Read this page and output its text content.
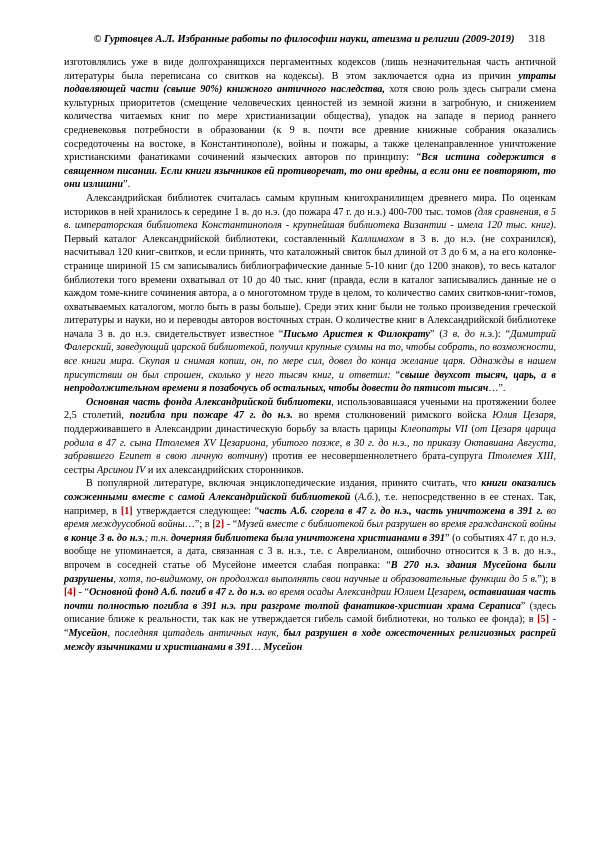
© Гуртовцев А.Л. Избранные работы по философии науки, атеизма и религии (2009-2019) 318

изготовлялись уже в виде долгохранящихся пергаментных кодексов (лишь незначительная часть античной литературы была переписана со свитков на кодексы). В этом заключается одна из причин утраты подавляющей части (свыше 90%) книжного античного наследства, хотя свою роль здесь сыграли смена культурных приоритетов (смещение человеческих ценностей из земной жизни в загробную, и снижением количества читаемых книг по мере христианизации общества), упадок на западе в период раннего средневековья потребности в образовании (к 9 в. почти все древние книжные собрания оказались сосредоточены на востоке, в Константинополе), войны и пожары, а также целенаправленное уничтожение христианскими фанатиками сочинений языческих авторов по принципу: “Вся истина содержится в священном писании. Если книги язычников ей противоречат, то они вредны, а если они ее повторяют, то они излишни”.

Александрийская библиотек считалась самым крупным книгохранилищем древнего мира. По оценкам историков в ней хранилось к середине 1 в. до н.э. (до пожара 47 г. до н.э.) 400-700 тыс. томов (для сравнения, в 5 в. императорская библиотека Константинополя - крупнейшая библиотека Византии - имела 120 тыс. книг). Первый каталог Александрийской библиотеки, составленный Каллимахом в 3 в. до н.э. (не сохранился), насчитывал 120 книг-свитков, и если принять, что каталожный свиток был длиной от 3 до 6 м, а на его колонке-странице шириной 15 см записывались библиографические данные 5-10 книг (до 1200 знаков), то весь каталог библиотеки того времени охватывал от 10 до 40 тыс. книг (правда, если в каталог записывались данные не о каждом томе-книге сочинения автора, а о многотомном труде в целом, то количество самих свитков-книг-томов, охватываемых каталогом, могло быть в разы больше). Среди этих книг были не только произведения греческой литературы и науки, но и переводы авторов восточных стран. О количестве книг в Александрийской библиотеке начала 3 в. до н.э. свидетельствует известное “Письмо Аристея к Филократу” (3 в. до н.э.): “Димитрий Фалерский, заведующий царской библиотекой, получил крупные суммы на то, чтобы собрать, по возможности, все книги мира. Скупая и снимая копии, он, по мере сил, довел до конца желание царя. Однажды в нашем присутствии он был спрошен, сколько у него тысяч книг, и ответил: “свыше двухсот тысяч, царь, а в непродолжительном времени я позабочусь об остальных, чтобы довести до пятисот тысяч…”.

Основная часть фонда Александрийской библиотеки, использовавшаяся учеными на протяжении более 2,5 столетий, погибла при пожаре 47 г. до н.э. во время столкновений римского войска Юлия Цезаря, поддерживавшего в Александрии династическую борьбу за власть царицы Клеопатры VII (от Цезаря царица родила в 47 г. сына Птолемея XV Цезариона, убитого позже, в 30 г. до н.э., по приказу Октавиана Августа, забравшего Египет в свою личную вотчину) против ее несовершеннолетнего брата-супруга Птолемея XIII, сестры Арсинои IV и их александрийских сторонников.

В популярной литературе, включая энциклопедические издания, принято считать, что книги оказались сожженными вместе с самой Александрийской библиотекой (А.б.), т.е. непосредственно в ее стенах. Так, например, в [1] утверждается следующее: “часть А.б. сгорела в 47 г. до н.э., часть уничтожена в 391 г. во время междуусобной войны…”; в [2] - “Музей вместе с библиотекой был разрушен во время гражданской войны в конце 3 в. до н.э.; т.н. дочерняя библиотека была уничтожена христианами в 391” (о событиях 47 г. до н.э. вообще не упоминается, а дата, связанная с 3 в. н.э., т.е. с Аврелианом, ошибочно относится к 3 в. до н.э., впрочем в соседней статье об Мусейоне имеется слабая поправка: “В 270 н.э. здания Мусейона были разрушены, хотя, по-видимому, он продолжал выполнять свои научные и образовательные функции до 5 в.”); в [4] - “Основной фонд А.б. погиб в 47 г. до н.э. во время осады Александрии Юлием Цезарем, оставиашая часть почти полностью погибла в 391 н.э. при разгроме толпой фанатиков-христиан храма Сераписа” (здесь описание ближе к реальности, так как не утверждается гибель самой библиотеки, но только ее фонда); в [5] - “Мусейон, последняя цитадель античных наук, был разрушен в ходе ожесточенных религиозных распрей между язычниками и христианами в 391… Мусейон
